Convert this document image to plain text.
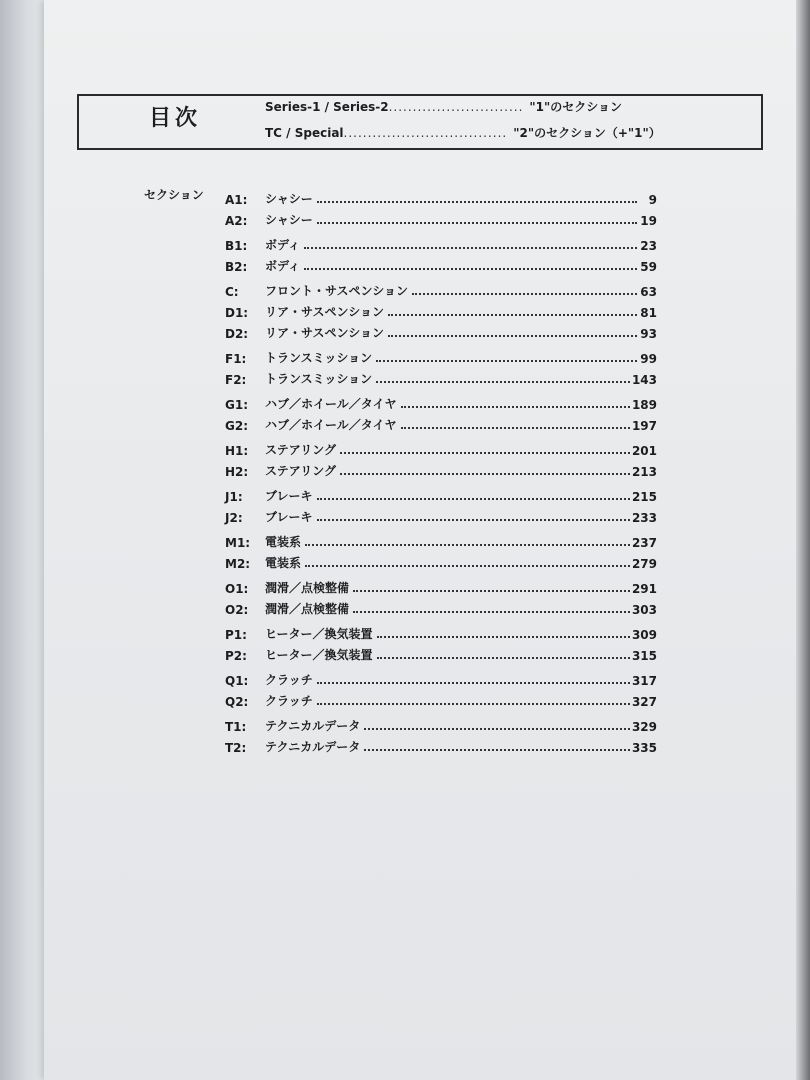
目次	Series-1 / Series-2............................ "1"のセクション
TC / Special.................................. "2"のセクション（+"1"）
セクション A1:	シャシー	9
A2:	シャシー	19
B1:	ボディ	23
B2:	ボディ	59
C:	フロント・サスペンション	63
D1:	リア・サスペンション	81
D2:	リア・サスペンション	93
F1:	トランスミッション	99
F2:	トランスミッション	143
G1:	ハブ／ホイール／タイヤ	189
G2:	ハブ／ホイール／タイヤ	197
H1:	ステアリング	201
H2:	ステアリング	213
J1:	ブレーキ	215
J2:	ブレーキ	233
M1:	電装系	237
M2:	電装系	279
O1:	潤滑／点検整備	291
O2:	潤滑／点検整備	303
P1:	ヒーター／換気装置	309
P2:	ヒーター／換気装置	315
Q1:	クラッチ	317
Q2:	クラッチ	327
T1:	テクニカルデータ	329
T2:	テクニカルデータ	335
